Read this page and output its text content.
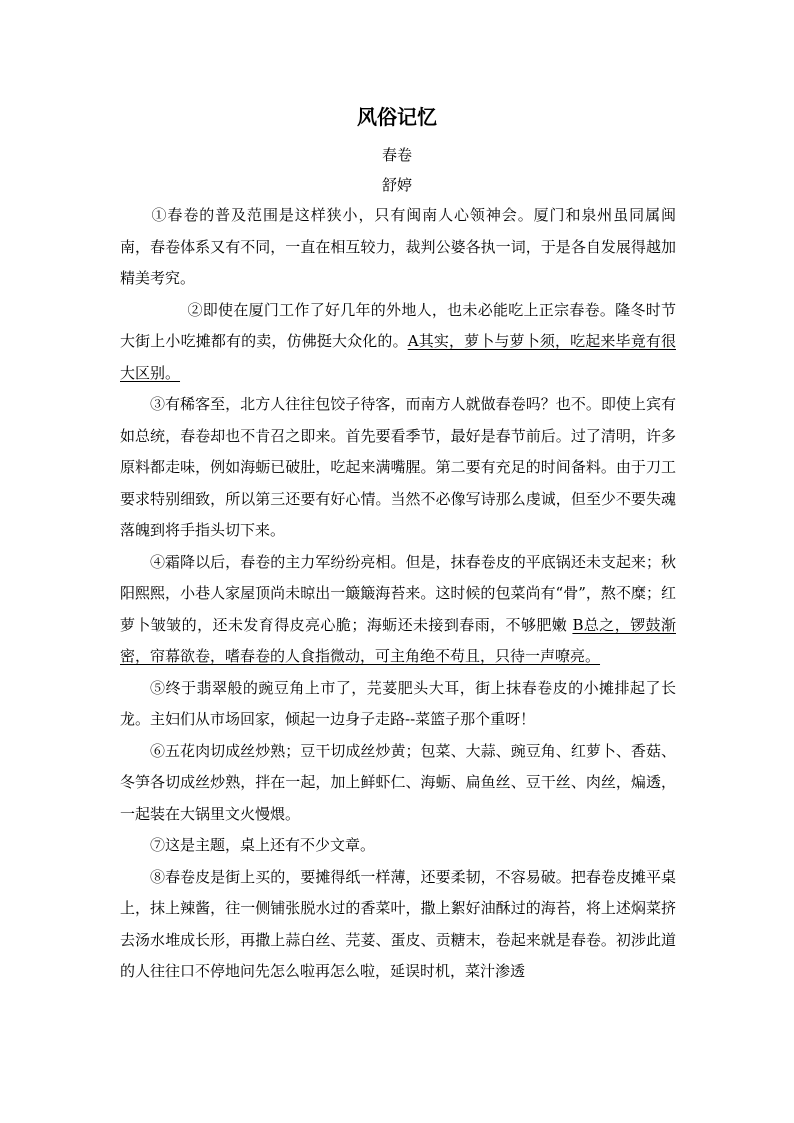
风俗记忆
春卷
舒婷

①春卷的普及范围是这样狭小，只有闽南人心领神会。厦门和泉州虽同属闽南，春卷体系又有不同，一直在相互较力，裁判公婆各执一词，于是各自发展得越加精美考究。

②即使在厦门工作了好几年的外地人，也未必能吃上正宗春卷。隆冬时节大街上小吃摊都有的卖，仿佛挺大众化的。A其实，萝卜与萝卜须，吃起来毕竟有很大区别。

③有稀客至，北方人往往包饺子待客，而南方人就做春卷吗？也不。即使上宾有如总统，春卷却也不肯召之即来。首先要看季节，最好是春节前后。过了清明，许多原料都走味，例如海蛎已破肚，吃起来满嘴腥。第二要有充足的时间备料。由于刀工要求特别细致，所以第三还要有好心情。当然不必像写诗那么虔诚，但至少不要失魂落魄到将手指头切下来。

④霜降以后，春卷的主力军纷纷亮相。但是，抹春卷皮的平底锅还未支起来；秋阳熙熙，小巷人家屋顶尚未晾出一簸簸海苔来。这时候的包菜尚有“骨”，熬不糜；红萝卜皱皱的，还未发育得皮亮心脆；海蛎还未接到春雨，不够肥嫩 B总之，锣鼓渐密，帘幕欲卷，嗜春卷的人食指微动，可主角绝不苟且，只待一声嘹亮。

⑤终于翡翠般的豌豆角上市了，芫荽肥头大耳，街上抹春卷皮的小摊排起了长龙。主妇们从市场回家，倾起一边身子走路--菜篮子那个重呀！

⑥五花肉切成丝炒熟；豆干切成丝炒黄；包菜、大蒜、豌豆角、红萝卜、香菇、冬笋各切成丝炒熟，拌在一起，加上鲜虾仁、海蛎、扁鱼丝、豆干丝、肉丝，煸透，一起装在大锅里文火慢煨。

⑦这是主题，桌上还有不少文章。

⑧春卷皮是街上买的，要摊得纸一样薄，还要柔韧，不容易破。把春卷皮摊平桌上，抹上辣酱，往一侧铺张脱水过的香菜叶，撒上絮好油酥过的海苔，将上述焖菜挤去汤水堆成长形，再撒上蒜白丝、芫荽、蛋皮、贡糖末，卷起来就是春卷。初涉此道的人往往口不停地问先怎么啦再怎么啦，延误时机，菜汁渗透
